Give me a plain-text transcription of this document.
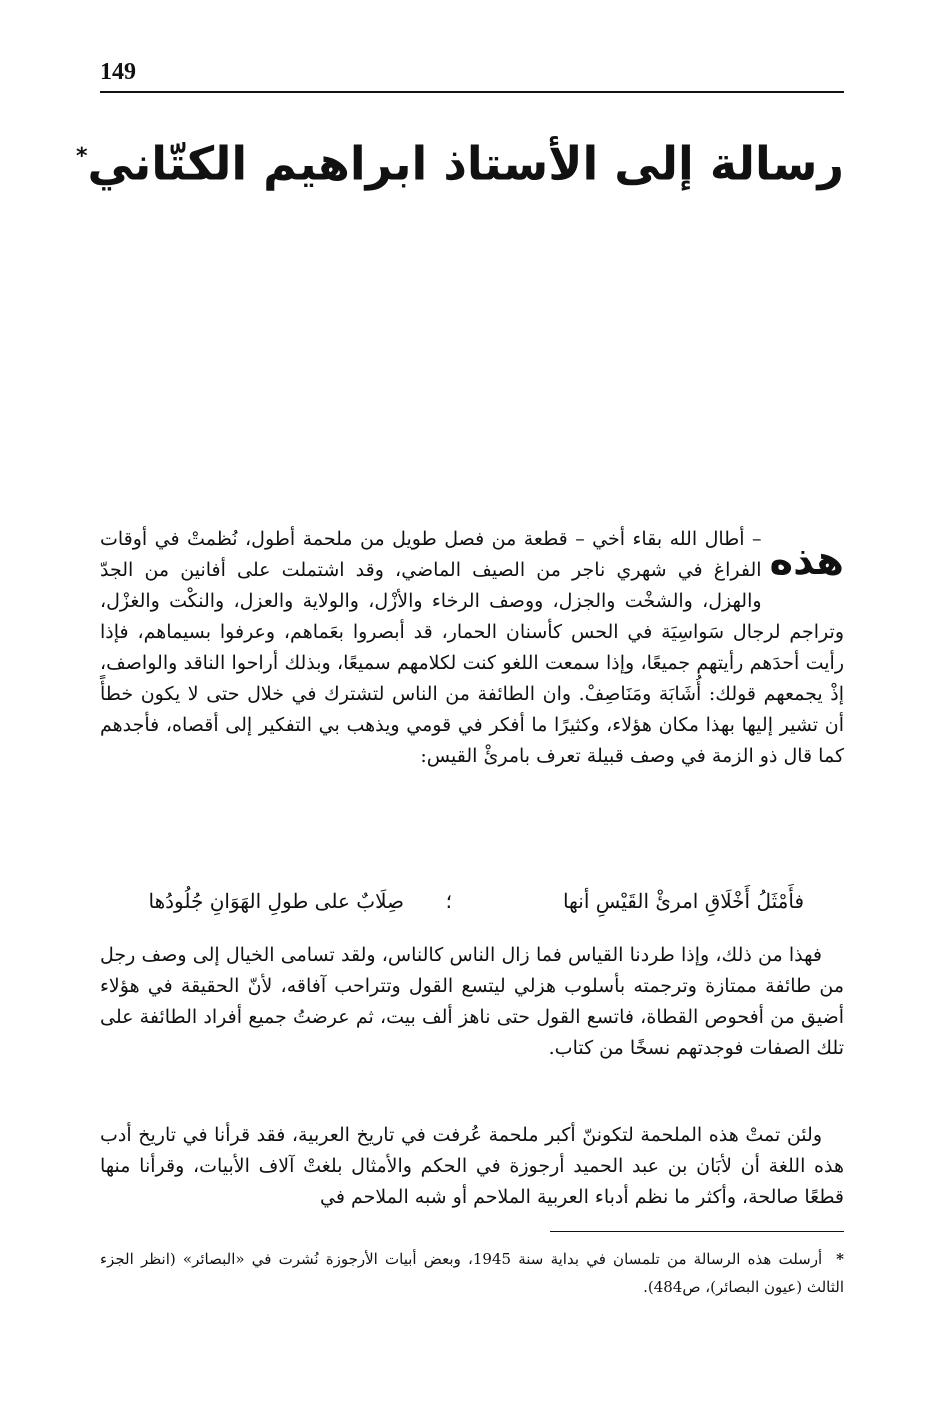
149
رسالة إلى الأستاذ ابراهيم الكتّاني*
هذه
– أطال الله بقاء أخي – قطعة من فصل طويل من ملحمة أطول، نُظمتْ في أوقات الفراغ في شهري ناجر من الصيف الماضي، وقد اشتملت على أفانين من الجدّ والهزل، والشخْت والجزل، ووصف الرخاء والأزْل، والولاية والعزل، والنكْت والغزْل، وتراجم لرجال سَواسِيَة في الحس كأسنان الحمار، قد أبصروا بعَماهم، وعرفوا بسيماهم، فإذا رأيت أحدَهم رأيتهم جميعًا، وإذا سمعت اللغو كنت لكلامهم سميعًا، وبذلك أراحوا الناقد والواصف، إذْ يجمعهم قولك: أُشَابَة ومَنَاصِفْ. وان الطائفة من الناس لتشترك في خلال حتى لا يكون خطأً أن تشير إليها بهذا مكان هؤلاء، وكثيرًا ما أفكر في قومي ويذهب بي التفكير إلى أقصاه، فأجدهم كما قال ذو الزمة في وصف قبيلة تعرف بامرئْ القيس:
فأَمْثَلُ أَخْلَاقِ امرئْ القَيْسِ أنها
؛
صِلَابٌ على طولِ الهَوَانِ جُلُودُها
فهذا من ذلك، وإذا طردنا القياس فما زال الناس كالناس، ولقد تسامى الخيال إلى وصف رجل من طائفة ممتازة وترجمته بأسلوب هزلي ليتسع القول وتتراحب آفاقه، لأنّ الحقيقة في هؤلاء أضيق من أفحوص القطاة، فاتسع القول حتى ناهز ألف بيت، ثم عرضتُ جميع أفراد الطائفة على تلك الصفات فوجدتهم نسخًا من كتاب.
ولئن تمتْ هذه الملحمة لتكوننّ أكبر ملحمة عُرفت في تاريخ العربية، فقد قرأنا في تاريخ أدب هذه اللغة أن لأبَان بن عبد الحميد أرجوزة في الحكم والأمثال بلغتْ آلاف الأبيات، وقرأنا منها قطعًا صالحة، وأكثر ما نظم أدباء العربية الملاحم أو شبه الملاحم في
*
أرسلت هذه الرسالة من تلمسان في بداية سنة 1945، وبعض أبيات الأرجوزة نُشرت في «البصائر» (انظر الجزء الثالث (عيون البصائر)، ص484).
